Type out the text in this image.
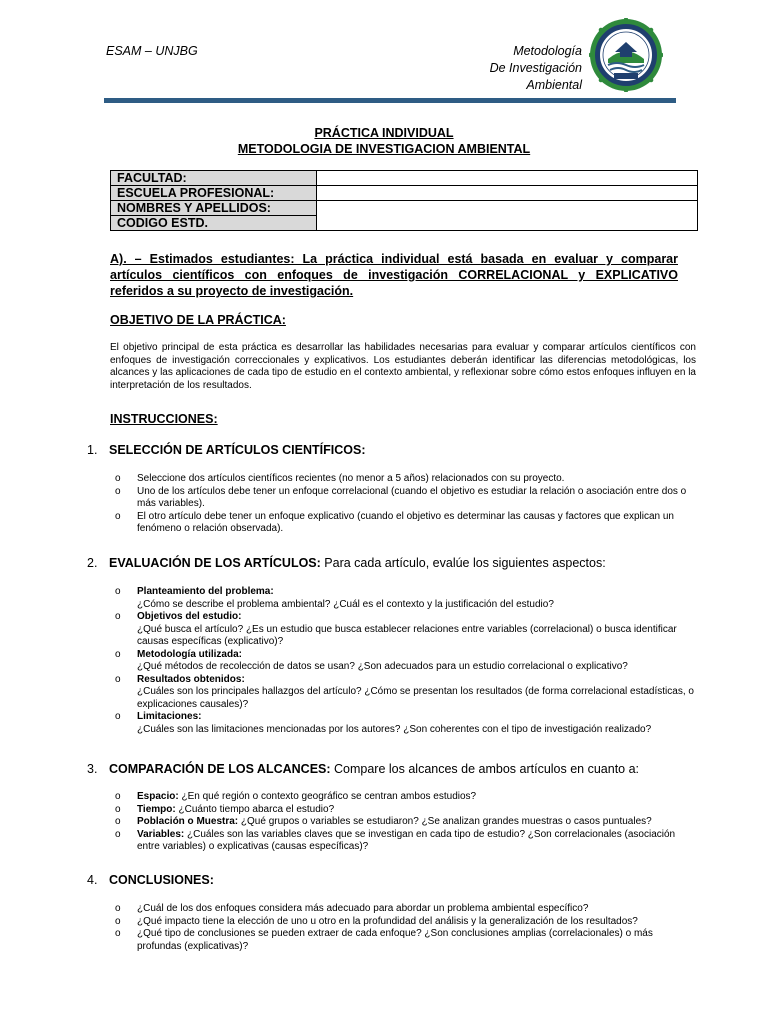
ESAM – UNJBG	Metodología
De Investigación
Ambiental
PRÁCTICA INDIVIDUAL
METODOLOGIA DE INVESTIGACION AMBIENTAL
FACULTAD:	
ESCUELA PROFESIONAL:	
NOMBRES Y APELLIDOS:	
CODIGO ESTD.	
A). – Estimados estudiantes: La práctica individual está basada en evaluar y comparar artículos científicos con enfoques de investigación CORRELACIONAL y EXPLICATIVO referidos a su proyecto de investigación.
OBJETIVO DE LA PRÁCTICA:
El objetivo principal de esta práctica es desarrollar las habilidades necesarias para evaluar y comparar artículos científicos con enfoques de investigación correccionales y explicativos. Los estudiantes deberán identificar las diferencias metodológicas, los alcances y las aplicaciones de cada tipo de estudio en el contexto ambiental, y reflexionar sobre cómo estos enfoques influyen en la interpretación de los resultados.
INSTRUCCIONES:
1. SELECCIÓN DE ARTÍCULOS CIENTÍFICOS:
o Seleccione dos artículos científicos recientes (no menor a 5 años) relacionados con su proyecto.
o Uno de los artículos debe tener un enfoque correlacional (cuando el objetivo es estudiar la relación o asociación entre dos o más variables).
o El otro artículo debe tener un enfoque explicativo (cuando el objetivo es determinar las causas y factores que explican un fenómeno o relación observada).
2. EVALUACIÓN DE LOS ARTÍCULOS: Para cada artículo, evalúe los siguientes aspectos:
o Planteamiento del problema:
¿Cómo se describe el problema ambiental? ¿Cuál es el contexto y la justificación del estudio?
o Objetivos del estudio:
¿Qué busca el artículo? ¿Es un estudio que busca establecer relaciones entre variables (correlacional) o busca identificar causas específicas (explicativo)?
o Metodología utilizada:
¿Qué métodos de recolección de datos se usan? ¿Son adecuados para un estudio correlacional o explicativo?
o Resultados obtenidos:
¿Cuáles son los principales hallazgos del artículo? ¿Cómo se presentan los resultados (de forma correlacional estadísticas, o explicaciones causales)?
o Limitaciones:
¿Cuáles son las limitaciones mencionadas por los autores? ¿Son coherentes con el tipo de investigación realizado?
3. COMPARACIÓN DE LOS ALCANCES: Compare los alcances de ambos artículos en cuanto a:
o Espacio: ¿En qué región o contexto geográfico se centran ambos estudios?
o Tiempo: ¿Cuánto tiempo abarca el estudio?
o Población o Muestra: ¿Qué grupos o variables se estudiaron? ¿Se analizan grandes muestras o casos puntuales?
o Variables: ¿Cuáles son las variables claves que se investigan en cada tipo de estudio? ¿Son correlacionales (asociación entre variables) o explicativas (causas específicas)?
4. CONCLUSIONES:
o ¿Cuál de los dos enfoques considera más adecuado para abordar un problema ambiental específico?
o ¿Qué impacto tiene la elección de uno u otro en la profundidad del análisis y la generalización de los resultados?
o ¿Qué tipo de conclusiones se pueden extraer de cada enfoque? ¿Son conclusiones amplias (correlacionales) o más profundas (explicativas)?
